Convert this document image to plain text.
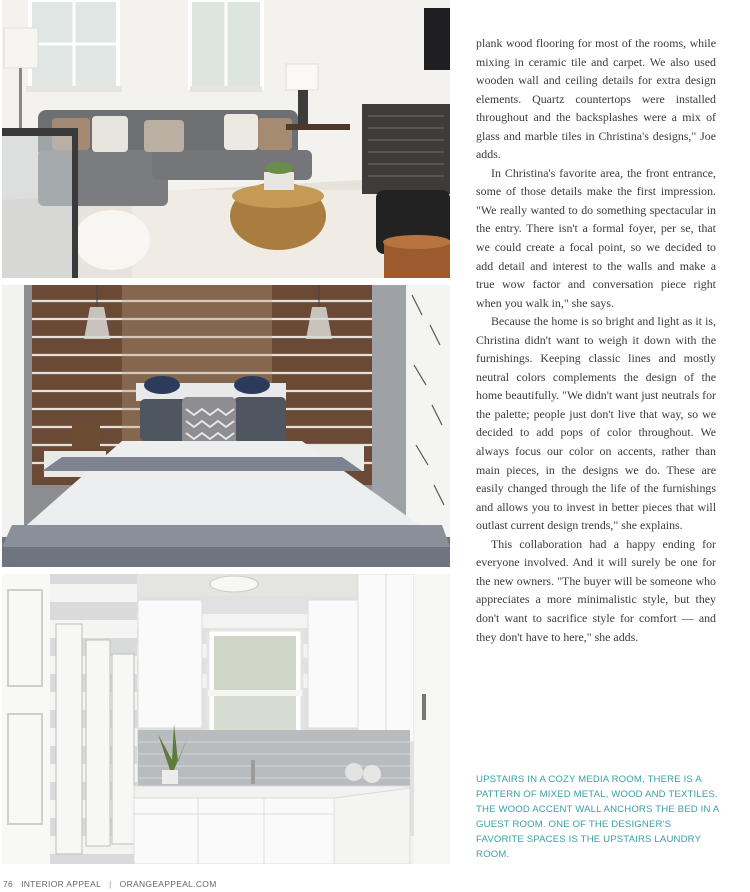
plank wood flooring for most of the rooms, while mixing in ceramic tile and carpet. We also used wooden wall and ceiling details for extra design elements. Quartz countertops were installed throughout and the backsplashes were a mix of glass and marble tiles in Christina's designs," Joe adds.

In Christina's favorite area, the front entrance, some of those details make the first impression. "We really wanted to do something spectacular in the entry. There isn't a formal foyer, per se, that we could create a focal point, so we decided to add detail and interest to the walls and make a true wow factor and conversation piece right when you walk in," she says.

Because the home is so bright and light as it is, Christina didn't want to weigh it down with the furnishings. Keeping classic lines and mostly neutral colors complements the design of the home beautifully. "We didn't want just neutrals for the palette; people just don't live that way, so we decided to add pops of color throughout. We always focus our color on accents, rather than main pieces, in the designs we do. These are easily changed through the life of the furnishings and allows you to invest in better pieces that will outlast current design trends," she explains.

This collaboration had a happy ending for everyone involved. And it will surely be one for the new owners. "The buyer will be someone who appreciates a more minimalistic style, but they don't want to sacrifice style for comfort — and they don't have to here," she adds.

UPSTAIRS IN A COZY MEDIA ROOM, THERE IS A PATTERN OF MIXED METAL, WOOD AND TEXTILES. THE WOOD ACCENT WALL ANCHORS THE BED IN A GUEST ROOM. ONE OF THE DESIGNER'S FAVORITE SPACES IS THE UPSTAIRS LAUNDRY ROOM.

76 INTERIOR APPEAL | ORANGEAPPEAL.COM
